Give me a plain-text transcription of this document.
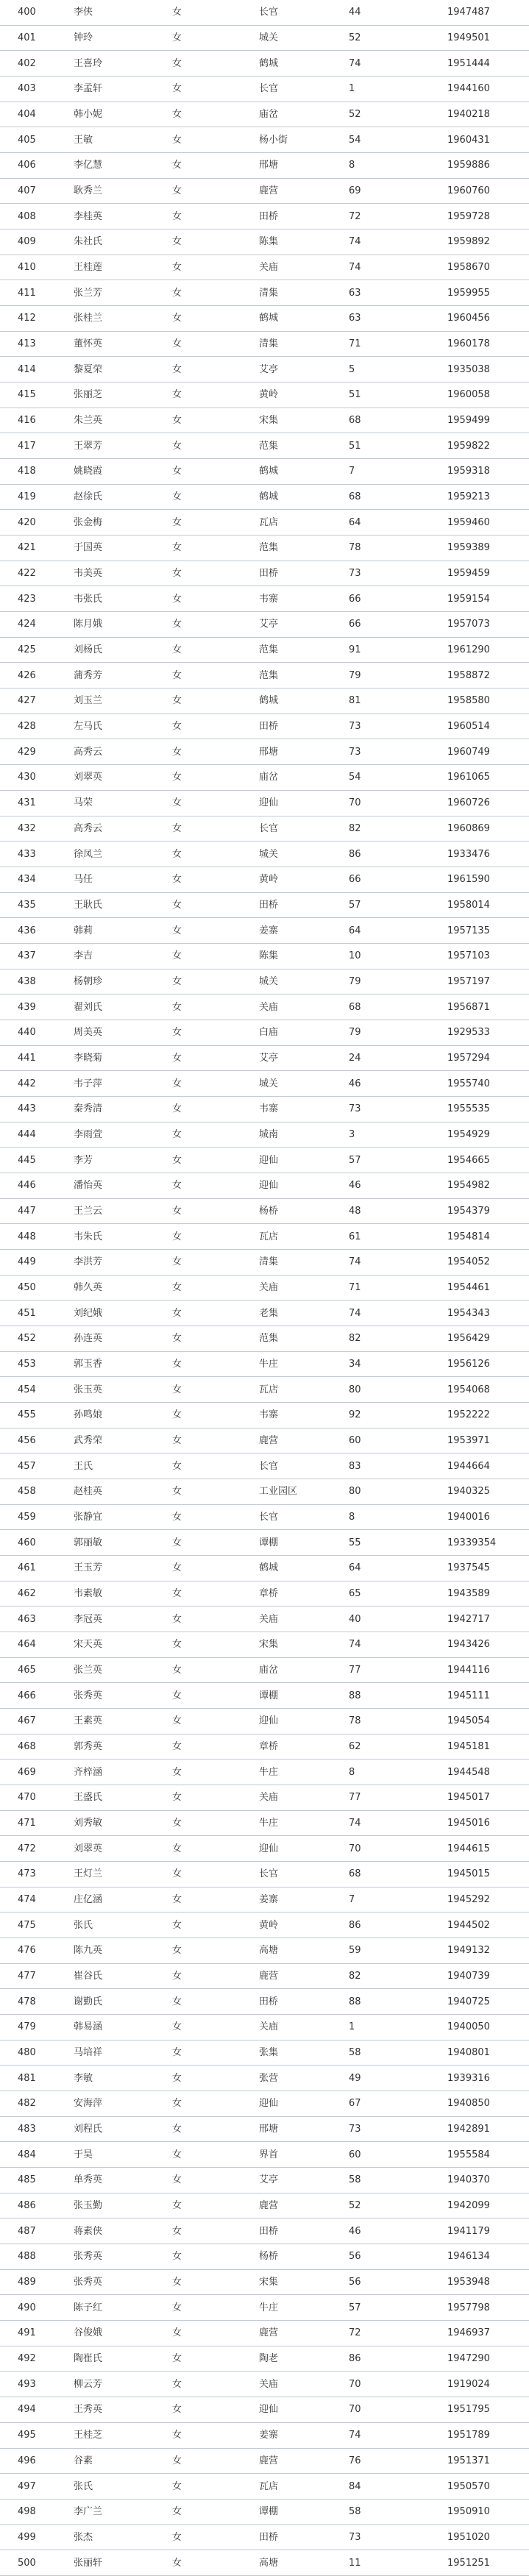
400	李侠	女	长官	44	1947487
401	钟玲	女	城关	52	1949501
402	王喜玲	女	鹤城	74	1951444
403	李孟轩	女	长官	1	1944160
404	韩小妮	女	庙岔	52	1940218
405	王敏	女	杨小街	54	1960431
406	李亿慧	女	邢塘	8	1959886
407	耿秀兰	女	鹿营	69	1960760
408	李桂英	女	田桥	72	1959728
409	朱社氏	女	陈集	74	1959892
410	王桂莲	女	关庙	74	1958670
411	张兰芳	女	清集	63	1959955
412	张桂兰	女	鹤城	63	1960456
413	董怀英	女	清集	71	1960178
414	黎夏荣	女	艾亭	5	1935038
415	张丽芝	女	黄岭	51	1960058
416	朱兰英	女	宋集	68	1959499
417	王翠芳	女	范集	51	1959822
418	姚晓霞	女	鹤城	7	1959318
419	赵徐氏	女	鹤城	68	1959213
420	张金梅	女	瓦店	64	1959460
421	于国英	女	范集	78	1959389
422	韦美英	女	田桥	73	1959459
423	韦张氏	女	韦寨	66	1959154
424	陈月娥	女	艾亭	66	1957073
425	刘杨氏	女	范集	91	1961290
426	蒲秀芳	女	范集	79	1958872
427	刘玉兰	女	鹤城	81	1958580
428	左马氏	女	田桥	73	1960514
429	高秀云	女	邢塘	73	1960749
430	刘翠英	女	庙岔	54	1961065
431	马荣	女	迎仙	70	1960726
432	高秀云	女	长官	82	1960869
433	徐凤兰	女	城关	86	1933476
434	马任	女	黄岭	66	1961590
435	王耿氏	女	田桥	57	1958014
436	韩莉	女	姜寨	64	1957135
437	李吉	女	陈集	10	1957103
438	杨朝珍	女	城关	79	1957197
439	翟刘氏	女	关庙	68	1956871
440	周美英	女	白庙	79	1929533
441	李晓菊	女	艾亭	24	1957294
442	韦子萍	女	城关	46	1955740
443	秦秀清	女	韦寨	73	1955535
444	李雨萱	女	城南	3	1954929
445	李芳	女	迎仙	57	1954665
446	潘怡英	女	迎仙	46	1954982
447	王兰云	女	杨桥	48	1954379
448	韦朱氏	女	瓦店	61	1954814
449	李洪芳	女	清集	74	1954052
450	韩久英	女	关庙	71	1954461
451	刘纪娥	女	老集	74	1954343
452	孙连英	女	范集	82	1956429
453	郭玉香	女	牛庄	34	1956126
454	张玉英	女	瓦店	80	1954068
455	孙鸣娘	女	韦寨	92	1952222
456	武秀荣	女	鹿营	60	1953971
457	王氏	女	长官	83	1944664
458	赵桂英	女	工业园区	80	1940325
459	张静宜	女	长官	8	1940016
460	郭丽敏	女	谭棚	55	19339354
461	王玉芳	女	鹤城	64	1937545
462	韦素敏	女	章桥	65	1943589
463	李冠英	女	关庙	40	1942717
464	宋天英	女	宋集	74	1943426
465	张兰英	女	庙岔	77	1944116
466	张秀英	女	谭棚	88	1945111
467	王素英	女	迎仙	78	1945054
468	郭秀英	女	章桥	62	1945181
469	齐梓涵	女	牛庄	8	1944548
470	王盛氏	女	关庙	77	1945017
471	刘秀敏	女	牛庄	74	1945016
472	刘翠英	女	迎仙	70	1944615
473	王灯兰	女	长官	68	1945015
474	庄亿涵	女	姜寨	7	1945292
475	张氏	女	黄岭	86	1944502
476	陈九英	女	高塘	59	1949132
477	崔谷氏	女	鹿营	82	1940739
478	谢勤氏	女	田桥	88	1940725
479	韩易涵	女	关庙	1	1940050
480	马培祥	女	张集	58	1940801
481	李敏	女	张营	49	1939316
482	安海萍	女	迎仙	67	1940850
483	刘程氏	女	邢塘	73	1942891
484	于昊	女	界首	60	1955584
485	单秀英	女	艾亭	58	1940370
486	张玉勤	女	鹿营	52	1942099
487	蒋素侠	女	田桥	46	1941179
488	张秀英	女	杨桥	56	1946134
489	张秀英	女	宋集	56	1953948
490	陈子红	女	牛庄	57	1957798
491	谷俊娥	女	鹿营	72	1946937
492	陶崔氏	女	陶老	86	1947290
493	柳云芳	女	关庙	70	1919024
494	王秀英	女	迎仙	70	1951795
495	王桂芝	女	姜寨	74	1951789
496	谷素	女	鹿营	76	1951371
497	张氏	女	瓦店	84	1950570
498	李广兰	女	谭棚	58	1950910
499	张杰	女	田桥	73	1951020
500	张丽轩	女	高塘	11	1951251
